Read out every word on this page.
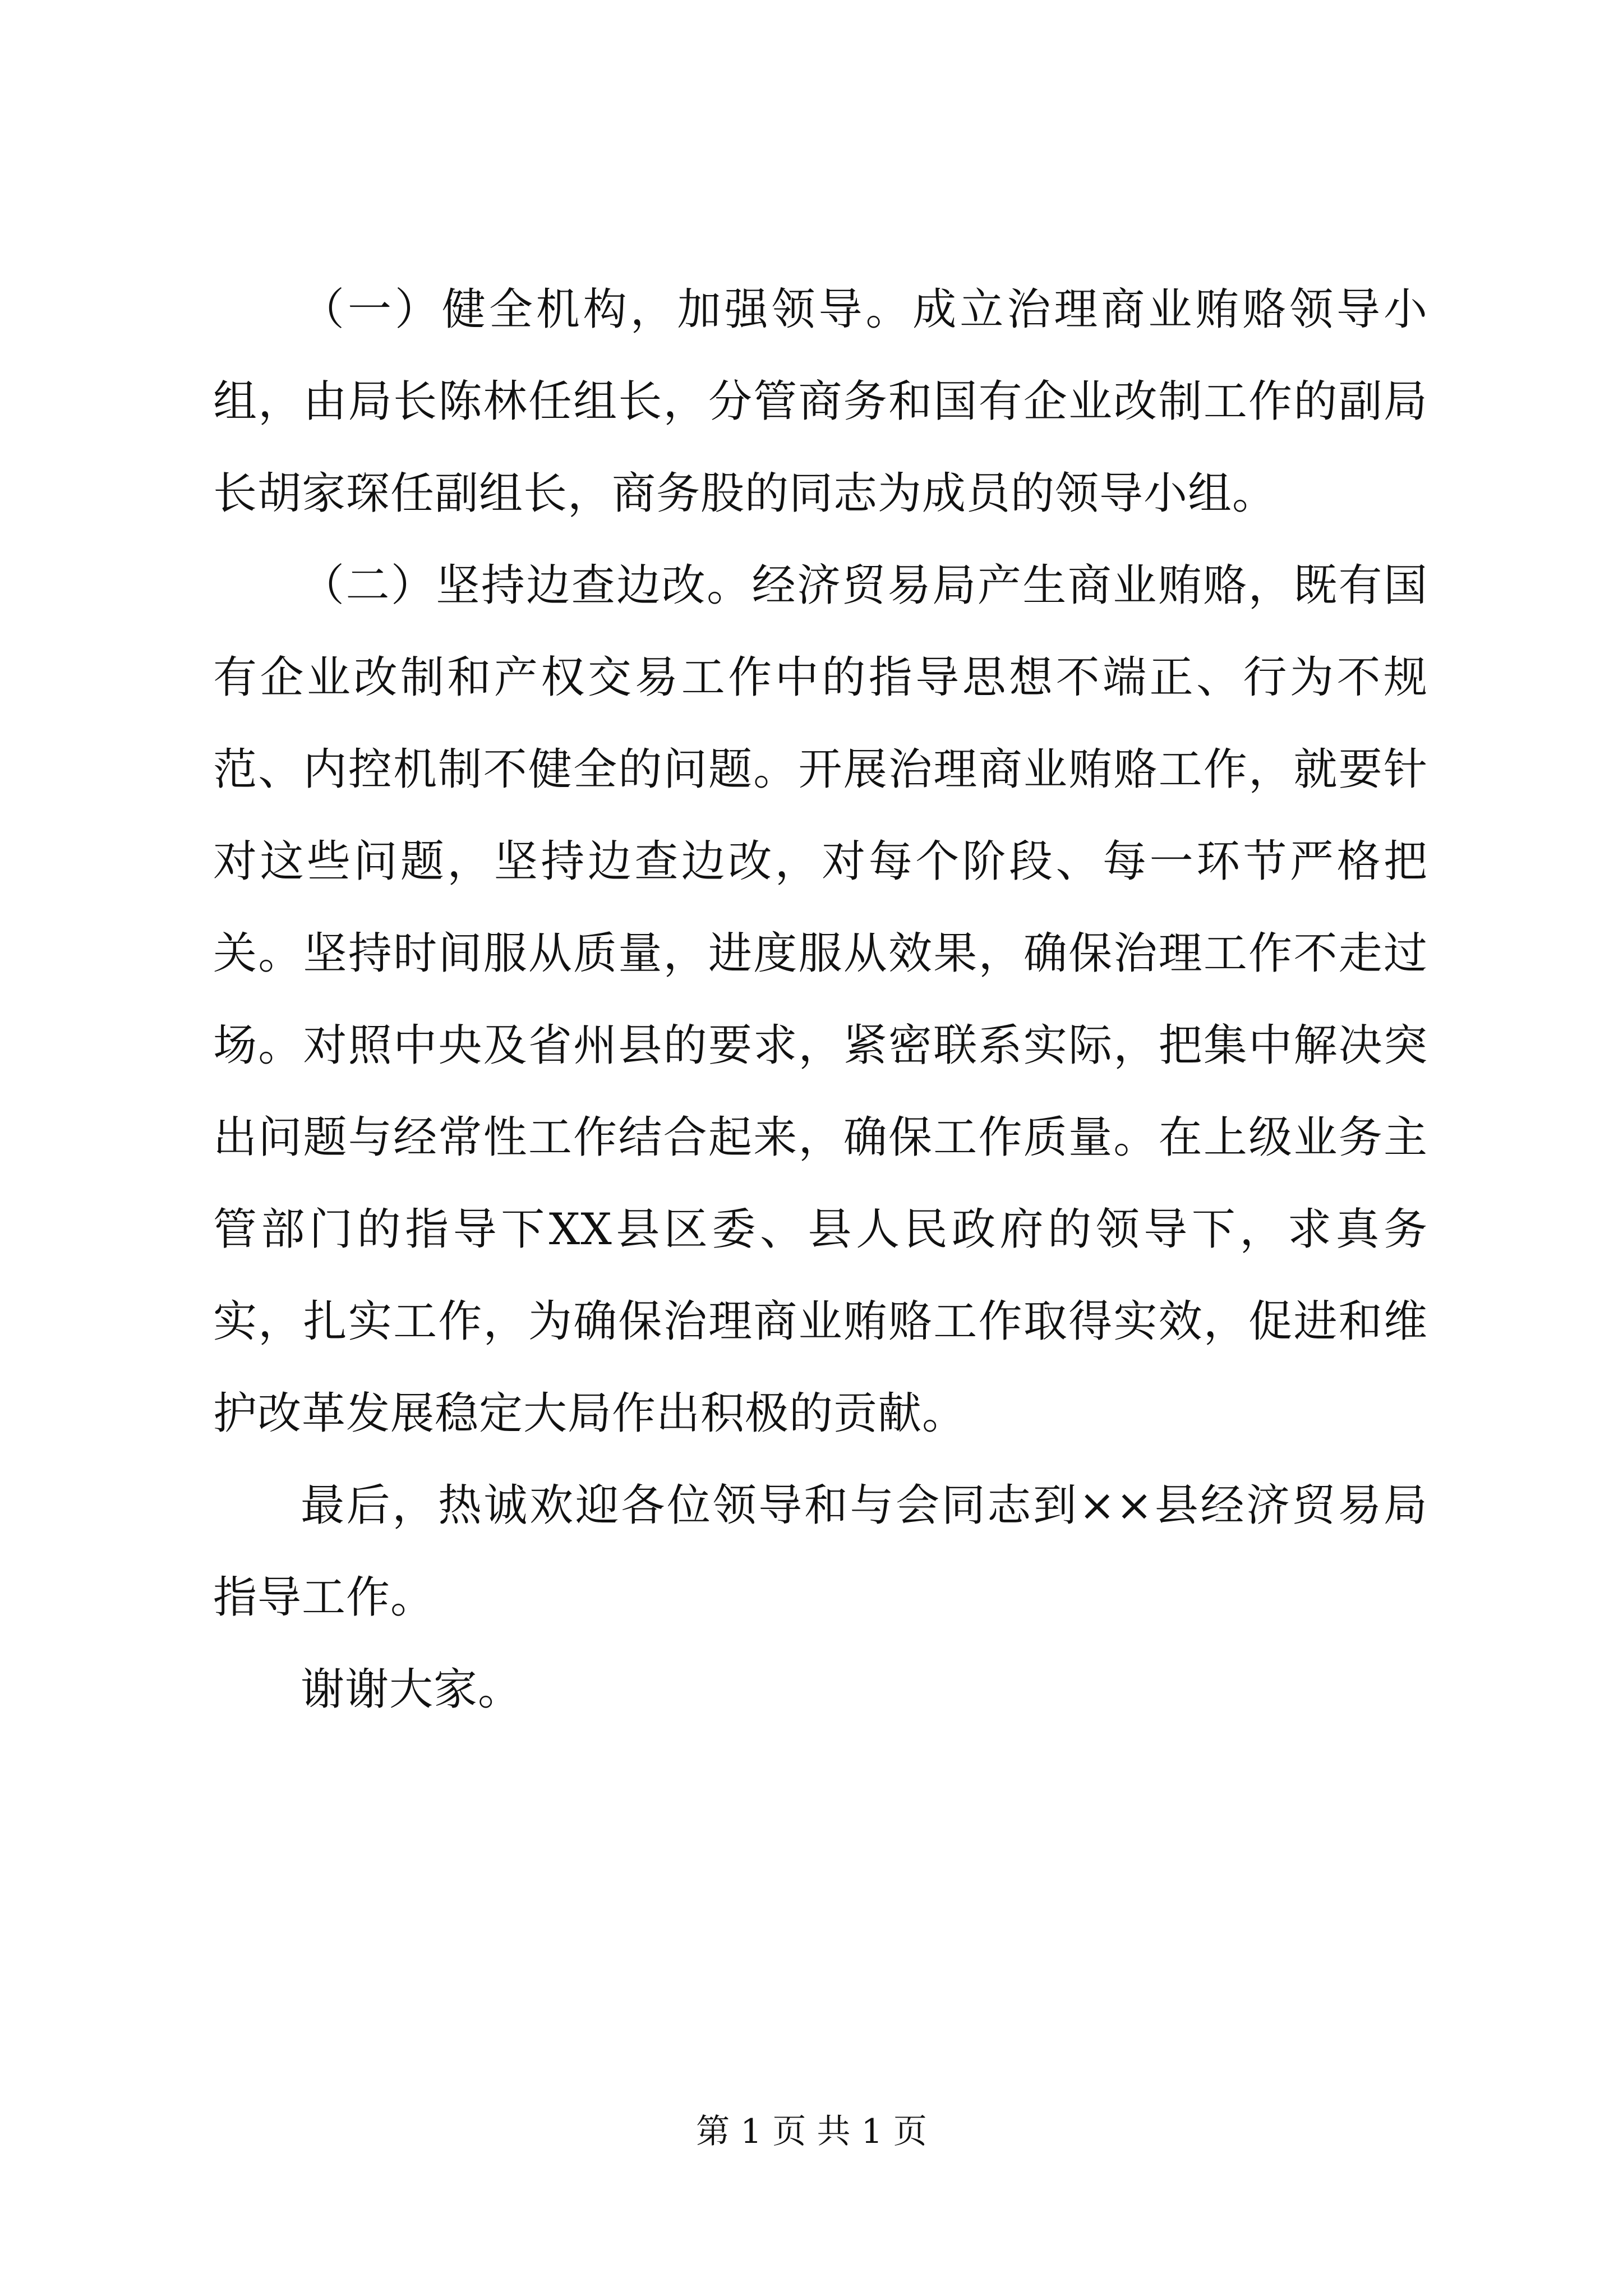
（一）健全机构，加强领导。成立治理商业贿赂领导小组，由局长陈林任组长，分管商务和国有企业改制工作的副局长胡家琛任副组长，商务股的同志为成员的领导小组。

（二）坚持边查边改。经济贸易局产生商业贿赂，既有国有企业改制和产权交易工作中的指导思想不端正、行为不规范、内控机制不健全的问题。开展治理商业贿赂工作，就要针对这些问题，坚持边查边改，对每个阶段、每一环节严格把关。坚持时间服从质量，进度服从效果，确保治理工作不走过场。对照中央及省州县的要求，紧密联系实际，把集中解决突出问题与经常性工作结合起来，确保工作质量。在上级业务主管部门的指导下XX县区委、县人民政府的领导下，求真务实，扎实工作，为确保治理商业贿赂工作取得实效，促进和维护改革发展稳定大局作出积极的贡献。

最后，热诚欢迎各位领导和与会同志到××县经济贸易局指导工作。

谢谢大家。

第 1 页 共 1 页
